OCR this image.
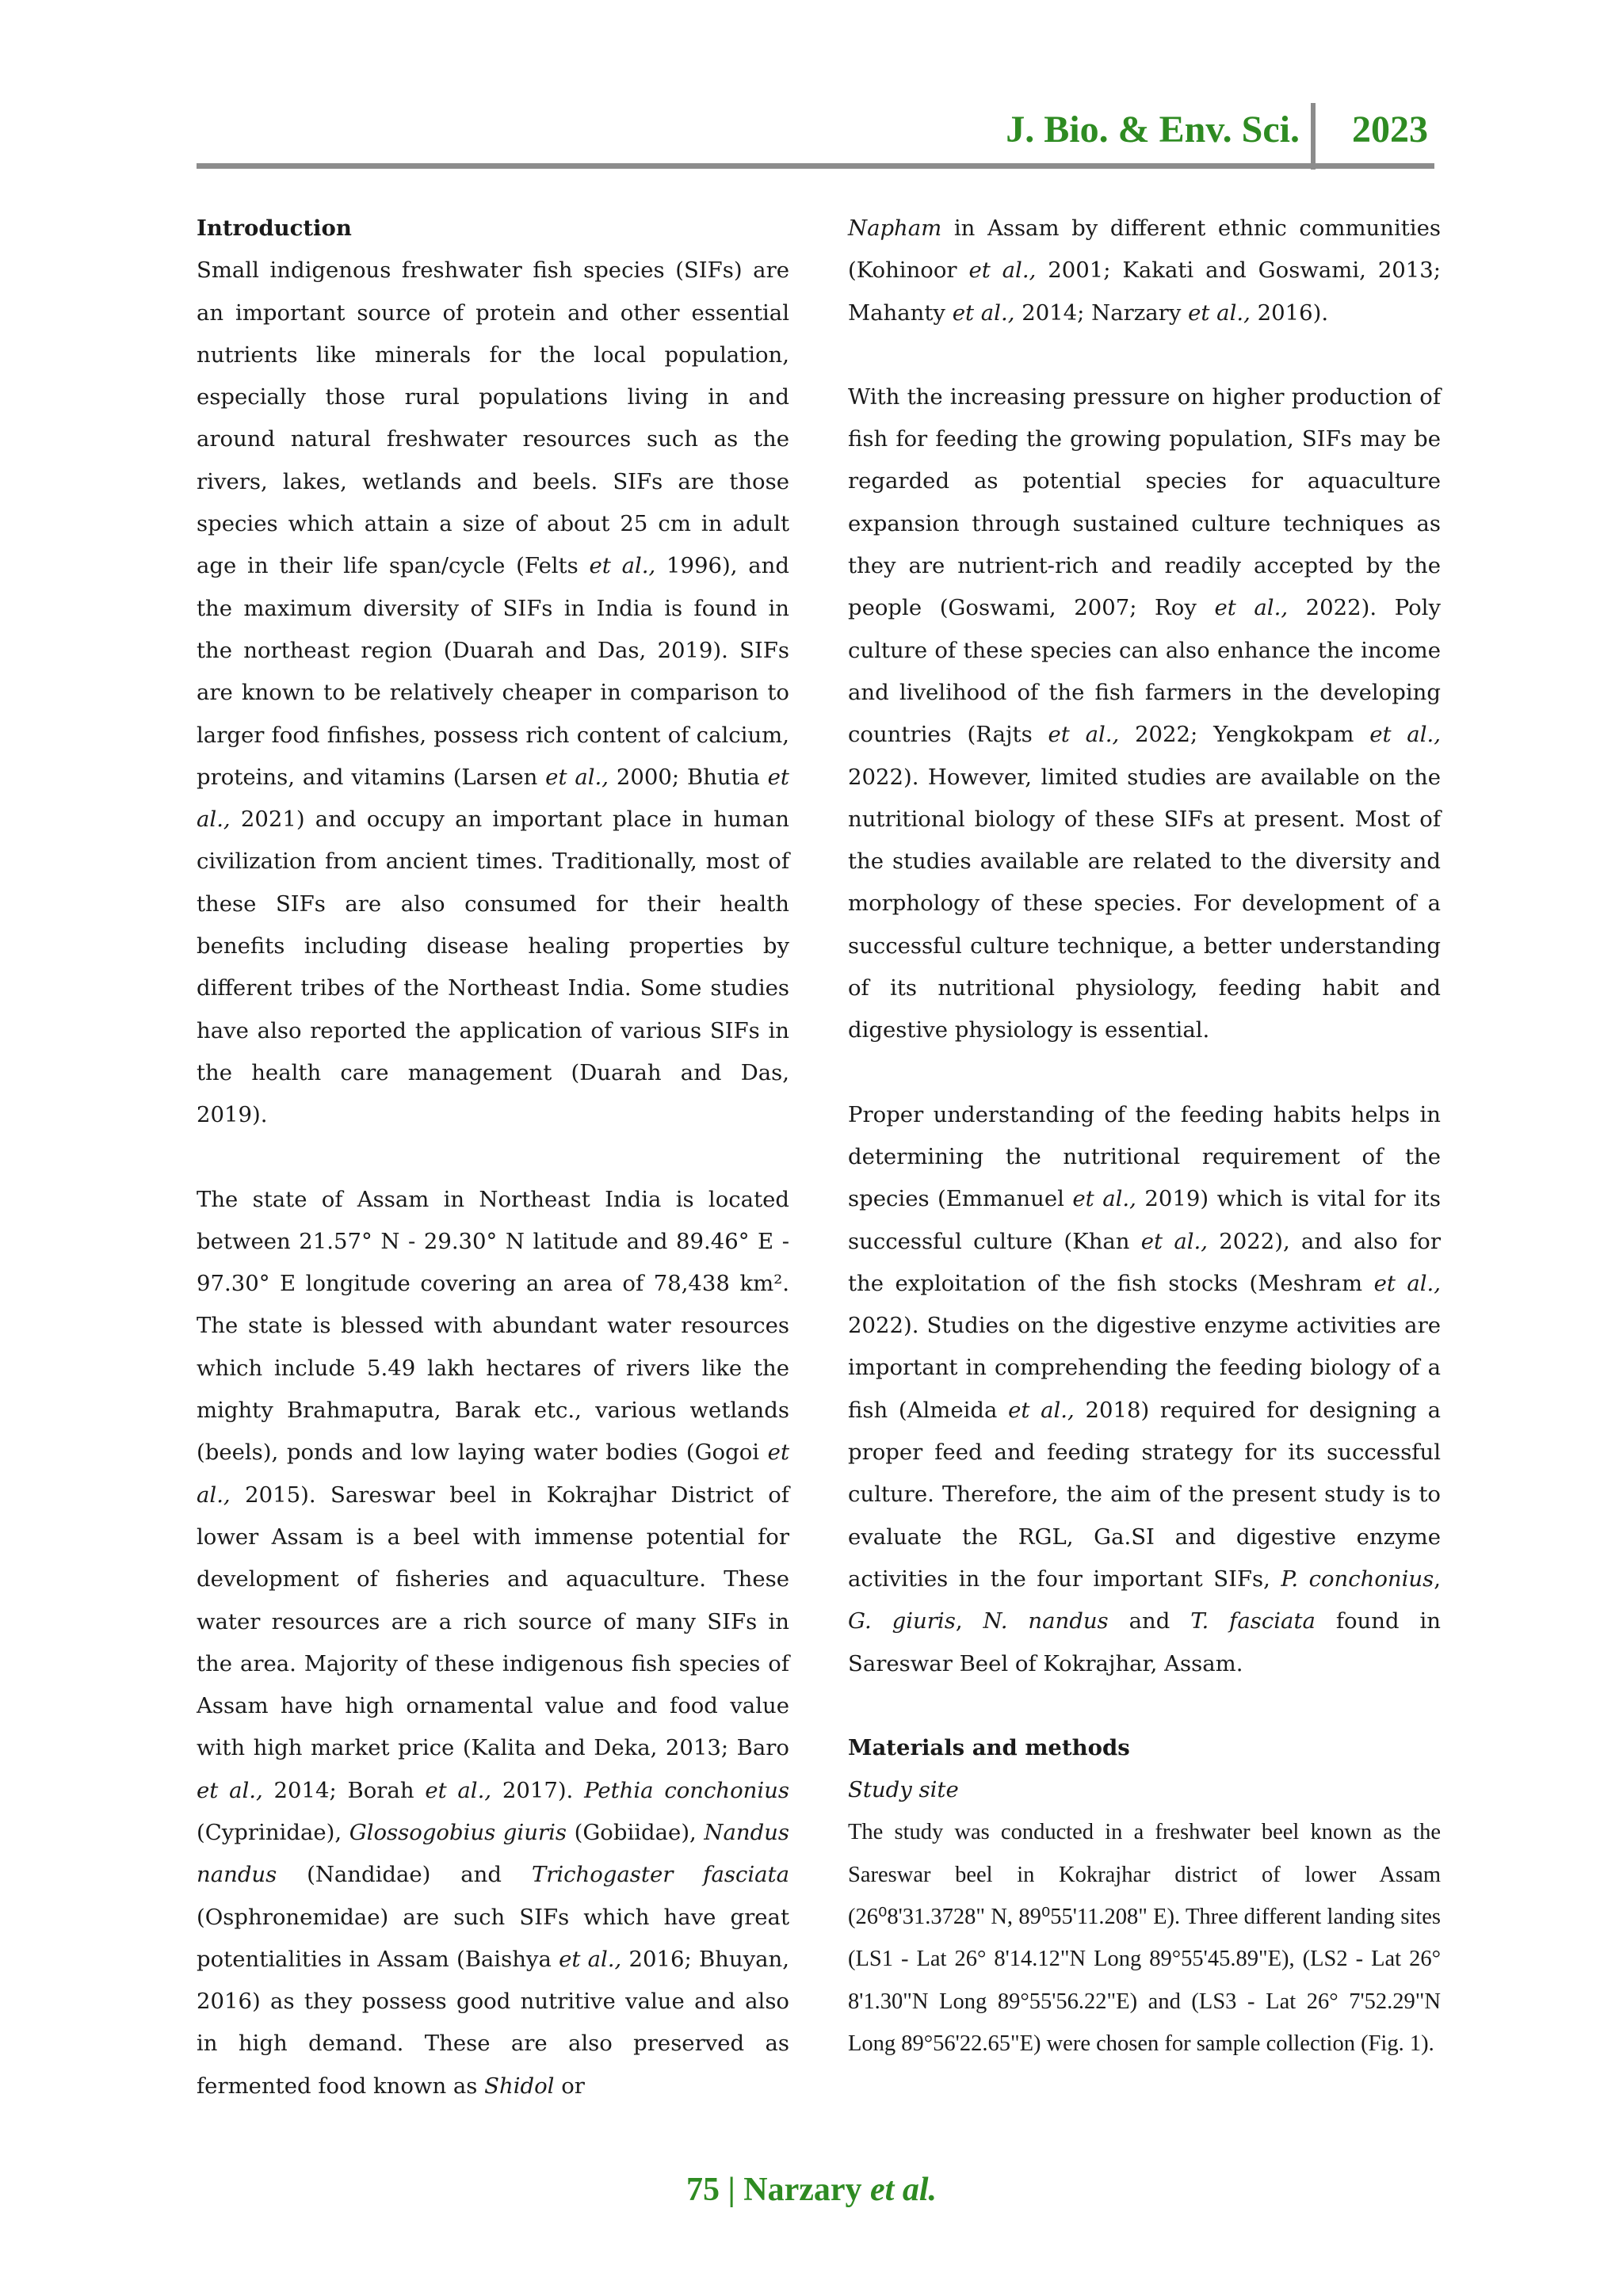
J. Bio. & Env. Sci. 2023

Introduction

Small indigenous freshwater fish species (SIFs) are an important source of protein and other essential nutrients like minerals for the local population, especially those rural populations living in and around natural freshwater resources such as the rivers, lakes, wetlands and beels. SIFs are those species which attain a size of about 25 cm in adult age in their life span/cycle (Felts et al., 1996), and the maximum diversity of SIFs in India is found in the northeast region (Duarah and Das, 2019). SIFs are known to be relatively cheaper in comparison to larger food finfishes, possess rich content of calcium, proteins, and vitamins (Larsen et al., 2000; Bhutia et al., 2021) and occupy an important place in human civilization from ancient times. Traditionally, most of these SIFs are also consumed for their health benefits including disease healing properties by different tribes of the Northeast India. Some studies have also reported the application of various SIFs in the health care management (Duarah and Das, 2019).

The state of Assam in Northeast India is located between 21.57° N - 29.30° N latitude and 89.46° E - 97.30° E longitude covering an area of 78,438 km². The state is blessed with abundant water resources which include 5.49 lakh hectares of rivers like the mighty Brahmaputra, Barak etc., various wetlands (beels), ponds and low laying water bodies (Gogoi et al., 2015). Sareswar beel in Kokrajhar District of lower Assam is a beel with immense potential for development of fisheries and aquaculture. These water resources are a rich source of many SIFs in the area. Majority of these indigenous fish species of Assam have high ornamental value and food value with high market price (Kalita and Deka, 2013; Baro et al., 2014; Borah et al., 2017). Pethia conchonius (Cyprinidae), Glossogobius giuris (Gobiidae), Nandus nandus (Nandidae) and Trichogaster fasciata (Osphronemidae) are such SIFs which have great potentialities in Assam (Baishya et al., 2016; Bhuyan, 2016) as they possess good nutritive value and also in high demand. These are also preserved as fermented food known as Shidol or

Napham in Assam by different ethnic communities (Kohinoor et al., 2001; Kakati and Goswami, 2013; Mahanty et al., 2014; Narzary et al., 2016).

With the increasing pressure on higher production of fish for feeding the growing population, SIFs may be regarded as potential species for aquaculture expansion through sustained culture techniques as they are nutrient-rich and readily accepted by the people (Goswami, 2007; Roy et al., 2022). Poly culture of these species can also enhance the income and livelihood of the fish farmers in the developing countries (Rajts et al., 2022; Yengkokpam et al., 2022). However, limited studies are available on the nutritional biology of these SIFs at present. Most of the studies available are related to the diversity and morphology of these species. For development of a successful culture technique, a better understanding of its nutritional physiology, feeding habit and digestive physiology is essential.

Proper understanding of the feeding habits helps in determining the nutritional requirement of the species (Emmanuel et al., 2019) which is vital for its successful culture (Khan et al., 2022), and also for the exploitation of the fish stocks (Meshram et al., 2022). Studies on the digestive enzyme activities are important in comprehending the feeding biology of a fish (Almeida et al., 2018) required for designing a proper feed and feeding strategy for its successful culture. Therefore, the aim of the present study is to evaluate the RGL, Ga.SI and digestive enzyme activities in the four important SIFs, P. conchonius, G. giuris, N. nandus and T. fasciata found in Sareswar Beel of Kokrajhar, Assam.

Materials and methods

Study site

The study was conducted in a freshwater beel known as the Sareswar beel in Kokrajhar district of lower Assam (26⁰8'31.3728" N, 89⁰55'11.208" E). Three different landing sites (LS1 - Lat 26° 8'14.12"N Long 89°55'45.89"E), (LS2 - Lat 26° 8'1.30"N Long 89°55'56.22"E) and (LS3 - Lat 26° 7'52.29"N Long 89°56'22.65"E) were chosen for sample collection (Fig. 1).

75 | Narzary et al.
